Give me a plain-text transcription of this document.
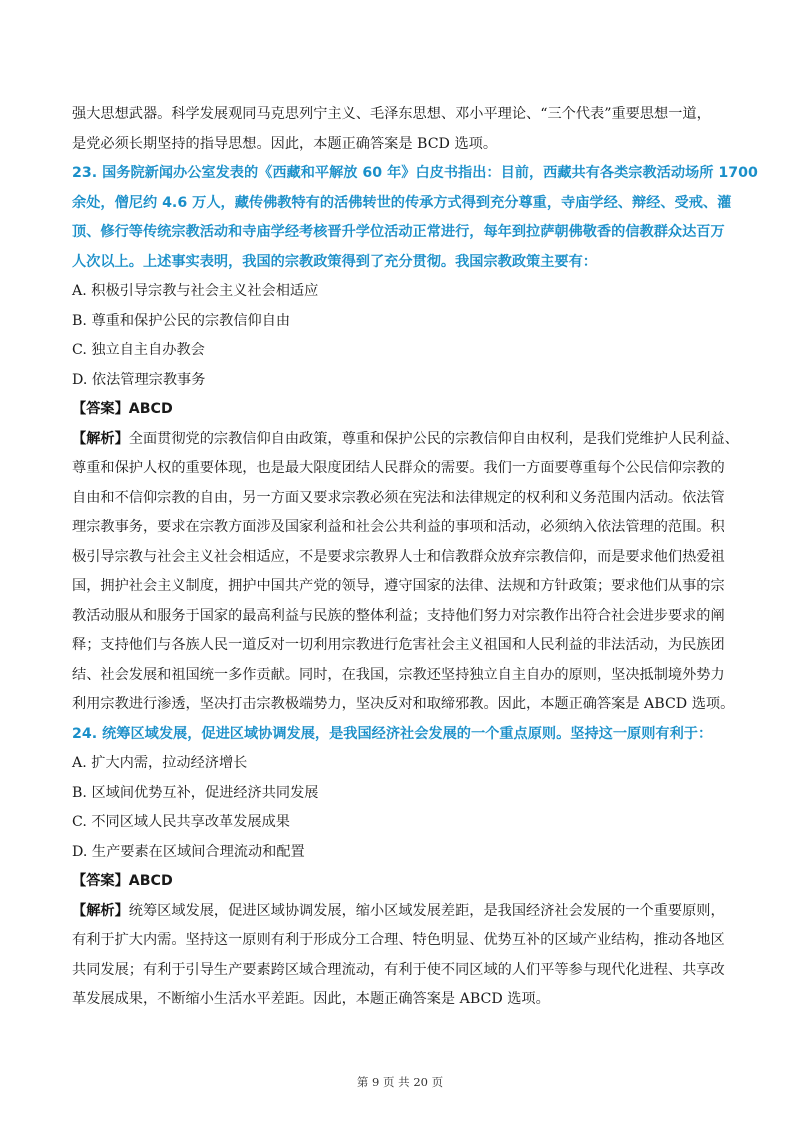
强大思想武器。科学发展观同马克思列宁主义、毛泽东思想、邓小平理论、“三个代表”重要思想一道，

是党必须长期坚持的指导思想。因此，本题正确答案是 BCD 选项。

23. 国务院新闻办公室发表的《西藏和平解放 60 年》白皮书指出：目前，西藏共有各类宗教活动场所 1700

余处，僧尼约 4.6 万人，藏传佛教特有的活佛转世的传承方式得到充分尊重，寺庙学经、辩经、受戒、灌

顶、修行等传统宗教活动和寺庙学经考核晋升学位活动正常进行，每年到拉萨朝佛敬香的信教群众达百万

人次以上。上述事实表明，我国的宗教政策得到了充分贯彻。我国宗教政策主要有：

A. 积极引导宗教与社会主义社会相适应

B. 尊重和保护公民的宗教信仰自由

C. 独立自主自办教会

D. 依法管理宗教事务

【答案】ABCD

【解析】全面贯彻党的宗教信仰自由政策，尊重和保护公民的宗教信仰自由权利，是我们党维护人民利益、

尊重和保护人权的重要体现，也是最大限度团结人民群众的需要。我们一方面要尊重每个公民信仰宗教的

自由和不信仰宗教的自由，另一方面又要求宗教必须在宪法和法律规定的权利和义务范围内活动。依法管

理宗教事务，要求在宗教方面涉及国家利益和社会公共利益的事项和活动，必须纳入依法管理的范围。积

极引导宗教与社会主义社会相适应，不是要求宗教界人士和信教群众放弃宗教信仰，而是要求他们热爱祖

国，拥护社会主义制度，拥护中国共产党的领导，遵守国家的法律、法规和方针政策；要求他们从事的宗

教活动服从和服务于国家的最高利益与民族的整体利益；支持他们努力对宗教作出符合社会进步要求的阐

释；支持他们与各族人民一道反对一切利用宗教进行危害社会主义祖国和人民利益的非法活动，为民族团

结、社会发展和祖国统一多作贡献。同时，在我国，宗教还坚持独立自主自办的原则，坚决抵制境外势力

利用宗教进行渗透，坚决打击宗教极端势力，坚决反对和取缔邪教。因此，本题正确答案是 ABCD 选项。

24. 统筹区域发展，促进区域协调发展，是我国经济社会发展的一个重点原则。坚持这一原则有利于：

A. 扩大内需，拉动经济增长

B. 区域间优势互补，促进经济共同发展

C. 不同区域人民共享改革发展成果

D. 生产要素在区域间合理流动和配置

【答案】ABCD

【解析】统筹区域发展，促进区域协调发展，缩小区域发展差距，是我国经济社会发展的一个重要原则，

有利于扩大内需。坚持这一原则有利于形成分工合理、特色明显、优势互补的区域产业结构，推动各地区

共同发展；有利于引导生产要素跨区域合理流动，有利于使不同区域的人们平等参与现代化进程、共享改

革发展成果，不断缩小生活水平差距。因此，本题正确答案是 ABCD 选项。

第 9 页 共 20 页
